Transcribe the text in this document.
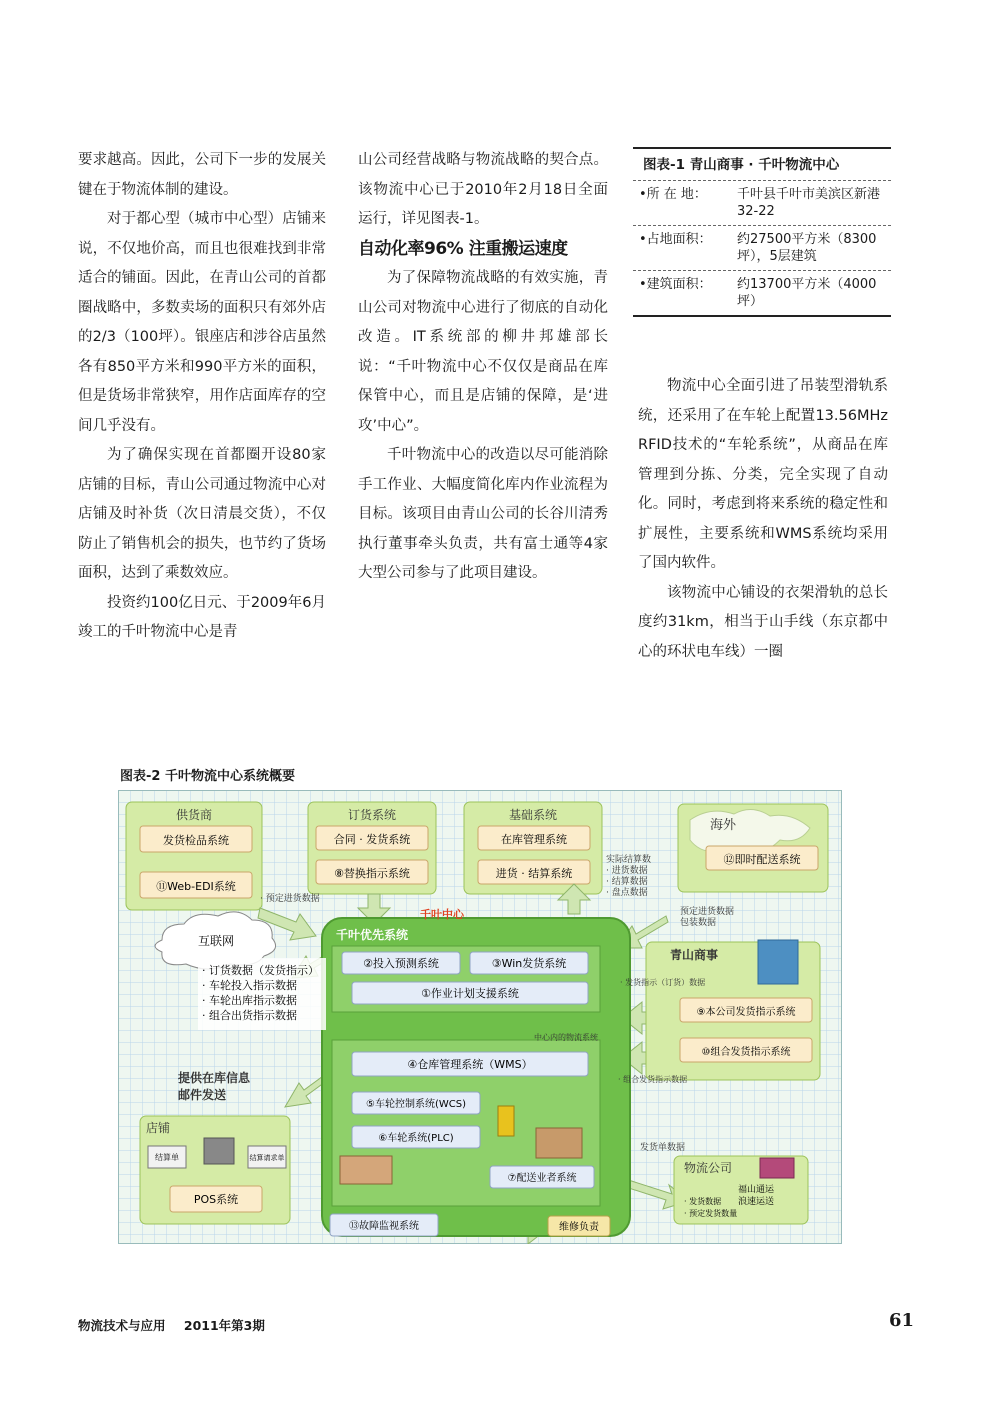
要求越高。因此，公司下一步的发展关键在于物流体制的建设。

对于都心型（城市中心型）店铺来说，不仅地价高，而且也很难找到非常适合的铺面。因此，在青山公司的首都圈战略中，多数卖场的面积只有郊外店的2/3（100坪）。银座店和涉谷店虽然各有850平方米和990平方米的面积，但是货场非常狭窄，用作店面库存的空间几乎没有。

为了确保实现在首都圈开设80家店铺的目标，青山公司通过物流中心对店铺及时补货（次日清晨交货），不仅防止了销售机会的损失，也节约了货场面积，达到了乘数效应。

投资约100亿日元、于2009年6月竣工的千叶物流中心是青

山公司经营战略与物流战略的契合点。该物流中心已于2010年2月18日全面运行，详见图表-1。

自动化率96% 注重搬运速度

为了保障物流战略的有效实施，青山公司对物流中心进行了彻底的自动化改造。IT系统部的柳井邦雄部长说：“千叶物流中心不仅仅是商品在库保管中心，而且是店铺的保障，是‘进攻’中心”。

千叶物流中心的改造以尽可能消除手工作业、大幅度简化库内作业流程为目标。该项目由青山公司的长谷川清秀执行董事牵头负责，共有富士通等4家大型公司参与了此项目建设。

图表-1 青山商事 · 千叶物流中心
•所 在 地：	千叶县千叶市美滨区新港32-22
•占地面积：	约27500平方米（8300坪），5层建筑
•建筑面积：	约13700平方米（4000坪）

物流中心全面引进了吊装型滑轨系统，还采用了在车轮上配置13.56MHz RFID技术的“车轮系统”，从商品在库管理到分拣、分类，完全实现了自动化。同时，考虑到将来系统的稳定性和扩展性，主要系统和WMS系统均采用了国内软件。

该物流中心铺设的衣架滑轨的总长度约31km，相当于山手线（东京都中心的环状电车线）一圈

图表-2 千叶物流中心系统概要
供货商
发货检品系统
⑪Web-EDI系统
订货系统
合同 · 发货系统
⑧替换指示系统
基础系统
在库管理系统
进货 · 结算系统
海外
⑫即时配送系统
互联网
· 预定进货数据
实际结算数
· 进货数据
· 结算数据
· 盘点数据
预定进货数据
包装数据
千叶中心
千叶优先系统
②投入预测系统	③Win发货系统
①作业计划支援系统
中心内的物流系统
④仓库管理系统（WMS）
⑤车轮控制系统(WCS)
⑥车轮系统(PLC)
⑦配送业者系统
⑬故障监视系统	维修负责
· 订货数据（发货指示）
· 车轮投入指示数据
· 车轮出库指示数据
· 组合出货指示数据
青山商事
· 发货指示（订货）数据
⑨本公司发货指示系统
⑩组合发货指示系统
· 组合发货指示数据
提供在库信息
邮件发送
店铺
结算单	结算请求单
POS系统
发货单数据
物流公司
福山通运
浪速运送
· 发货数据
· 预定发货数量
物流技术与应用 2011年第3期	61
